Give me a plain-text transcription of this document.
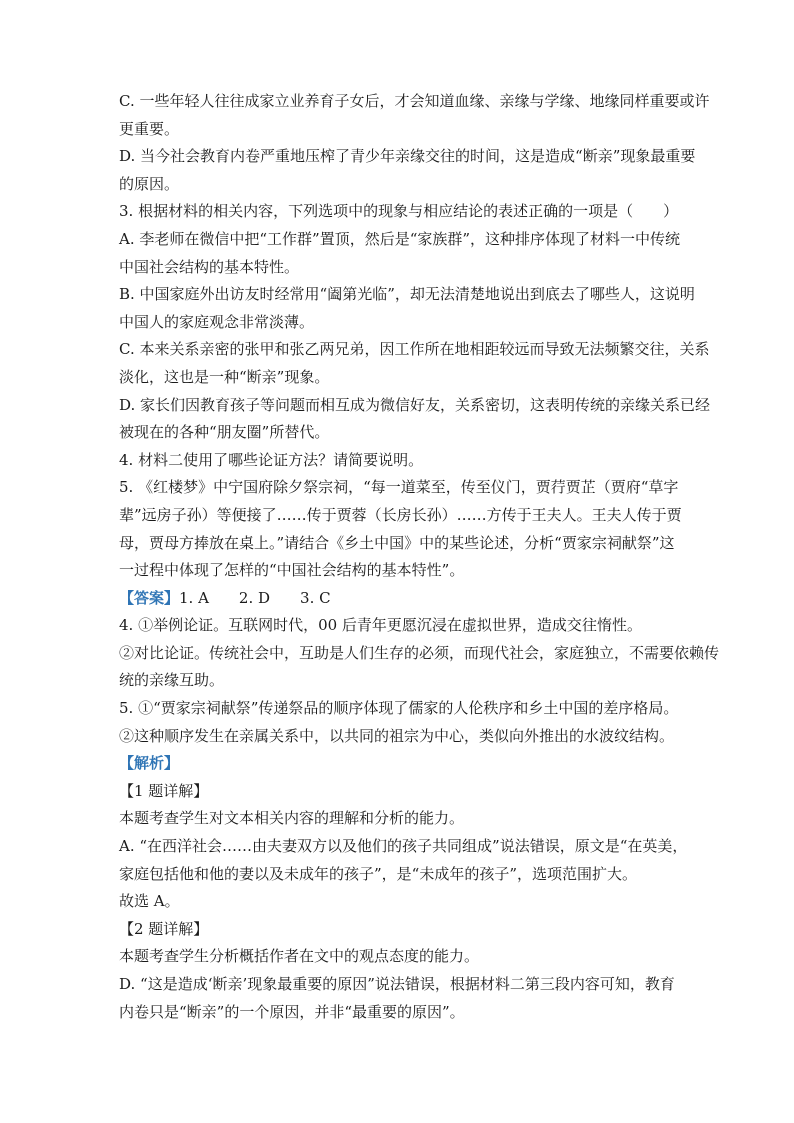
C. 一些年轻人往往成家立业养育子女后，才会知道血缘、亲缘与学缘、地缘同样重要或许
更重要。
D. 当今社会教育内卷严重地压榨了青少年亲缘交往的时间，这是造成“断亲”现象最重要
的原因。
3. 根据材料的相关内容，下列选项中的现象与相应结论的表述正确的一项是（　　）
A. 李老师在微信中把“工作群”置顶，然后是“家族群”，这种排序体现了材料一中传统
中国社会结构的基本特性。
B. 中国家庭外出访友时经常用“阖第光临”，却无法清楚地说出到底去了哪些人，这说明
中国人的家庭观念非常淡薄。
C. 本来关系亲密的张甲和张乙两兄弟，因工作所在地相距较远而导致无法频繁交往，关系
淡化，这也是一种“断亲”现象。
D. 家长们因教育孩子等问题而相互成为微信好友，关系密切，这表明传统的亲缘关系已经
被现在的各种“朋友圈”所替代。
4. 材料二使用了哪些论证方法？请简要说明。
5. 《红楼梦》中宁国府除夕祭宗祠，“每一道菜至，传至仪门，贾荇贾芷（贾府“草字
辈”远房子孙）等便接了……传于贾蓉（长房长孙）……方传于王夫人。王夫人传于贾
母，贾母方捧放在桌上。”请结合《乡土中国》中的某些论述，分析“贾家宗祠献祭”这
一过程中体现了怎样的“中国社会结构的基本特性”。
【答案】1. A　　2. D　　3. C
4. ①举例论证。互联网时代，00 后青年更愿沉浸在虚拟世界，造成交往惰性。
②对比论证。传统社会中，互助是人们生存的必须，而现代社会，家庭独立，不需要依赖传
统的亲缘互助。
5. ①“贾家宗祠献祭”传递祭品的顺序体现了儒家的人伦秩序和乡土中国的差序格局。
②这种顺序发生在亲属关系中，以共同的祖宗为中心，类似向外推出的水波纹结构。
【解析】
【1 题详解】
本题考查学生对文本相关内容的理解和分析的能力。
A. “在西洋社会……由夫妻双方以及他们的孩子共同组成”说法错误，原文是“在英美，
家庭包括他和他的妻以及未成年的孩子”，是“未成年的孩子”，选项范围扩大。
故选 A。
【2 题详解】
本题考查学生分析概括作者在文中的观点态度的能力。
D. “这是造成‘断亲’现象最重要的原因”说法错误，根据材料二第三段内容可知，教育
内卷只是“断亲”的一个原因，并非“最重要的原因”。
